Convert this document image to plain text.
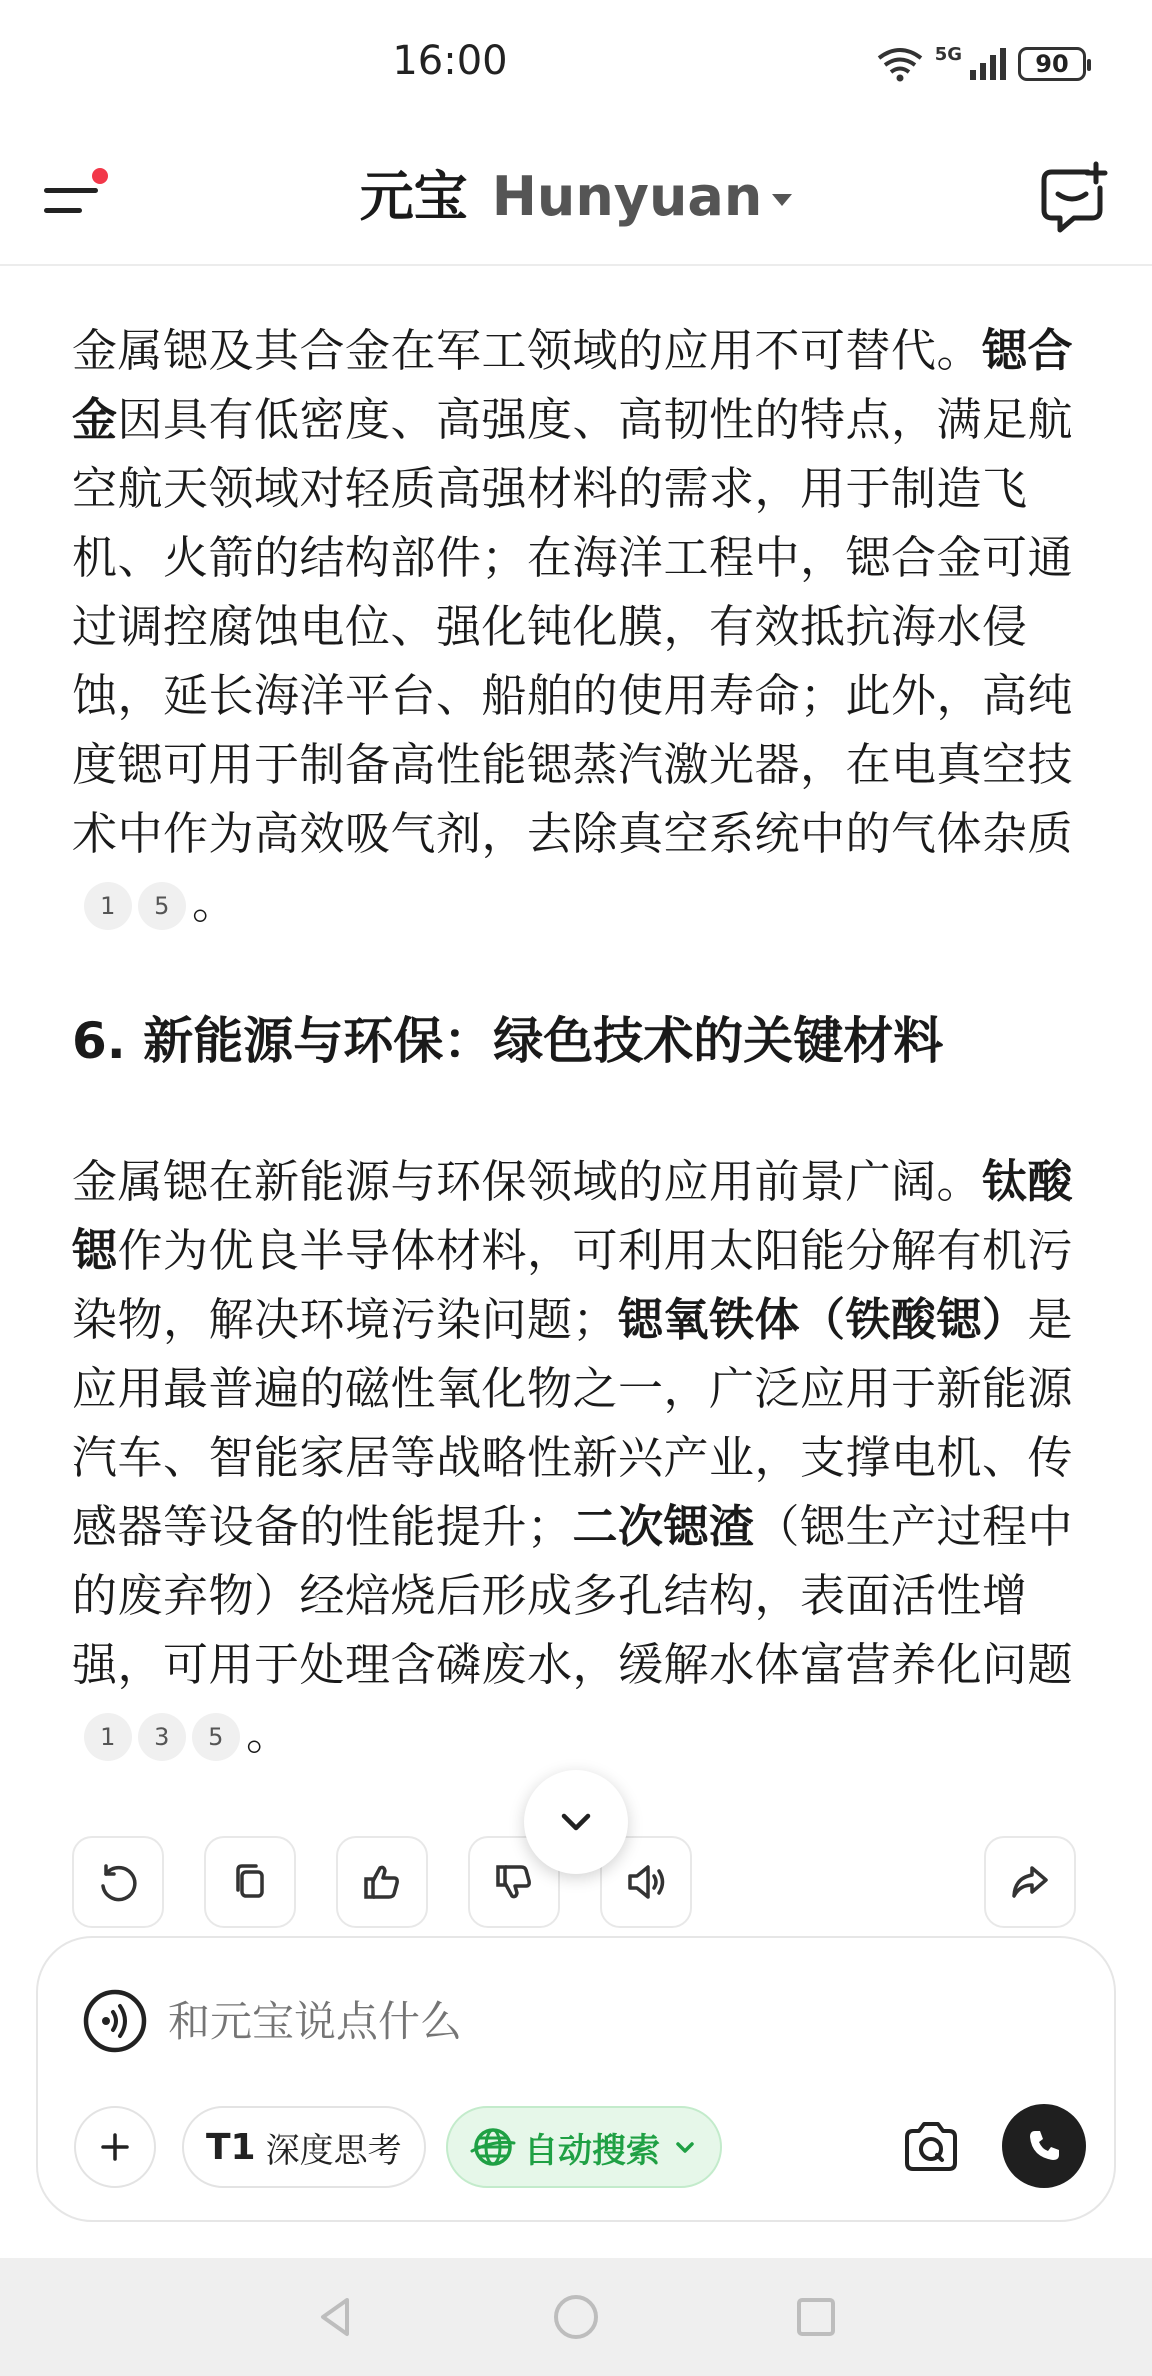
16:00	5G	90
元宝 Hunyuan

金属锶及其合金在军工领域的应用不可替代。锶合金因具有低密度、高强度、高韧性的特点，满足航空航天领域对轻质高强材料的需求，用于制造飞机、火箭的结构部件；在海洋工程中，锶合金可通过调控腐蚀电位、强化钝化膜，有效抵抗海水侵蚀，延长海洋平台、船舶的使用寿命；此外，高纯度锶可用于制备高性能锶蒸汽激光器，在电真空技术中作为高效吸气剂，去除真空系统中的气体杂质1 5 。

6. 新能源与环保：绿色技术的关键材料

金属锶在新能源与环保领域的应用前景广阔。钛酸锶作为优良半导体材料，可利用太阳能分解有机污染物，解决环境污染问题；锶氧铁体（铁酸锶）是应用最普遍的磁性氧化物之一，广泛应用于新能源汽车、智能家居等战略性新兴产业，支撑电机、传感器等设备的性能提升；二次锶渣（锶生产过程中的废弃物）经焙烧后形成多孔结构，表面活性增强，可用于处理含磷废水，缓解水体富营养化问题1 3 5 。

和元宝说点什么
T1 深度思考	自动搜索
